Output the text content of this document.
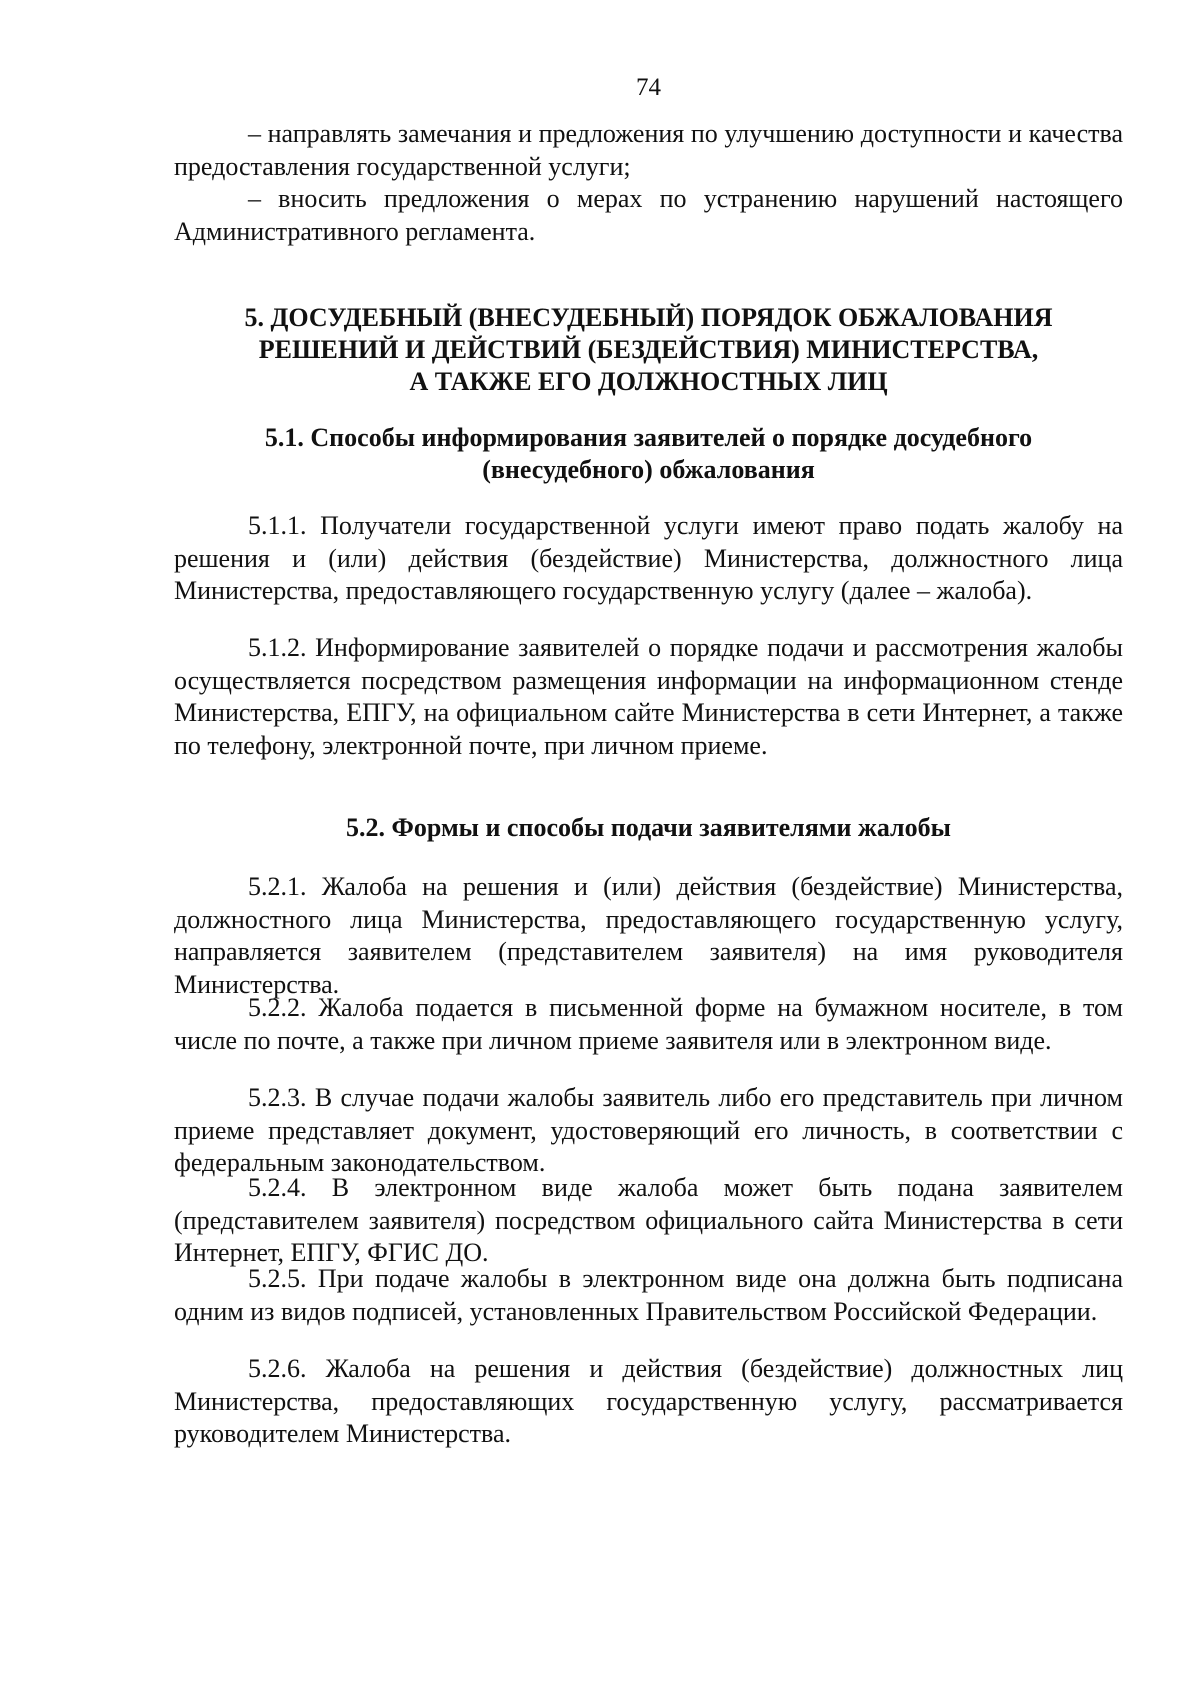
74

– направлять замечания и предложения по улучшению доступности и качества предоставления государственной услуги;

– вносить предложения о мерах по устранению нарушений настоящего Административного регламента.

5. ДОСУДЕБНЫЙ (ВНЕСУДЕБНЫЙ) ПОРЯДОК ОБЖАЛОВАНИЯ
РЕШЕНИЙ И ДЕЙСТВИЙ (БЕЗДЕЙСТВИЯ) МИНИСТЕРСТВА,
А ТАКЖЕ ЕГО ДОЛЖНОСТНЫХ ЛИЦ
5.1. Способы информирования заявителей о порядке досудебного
(внесудебного) обжалования

5.1.1. Получатели государственной услуги имеют право подать жалобу на решения и (или) действия (бездействие) Министерства, должностного лица Министерства, предоставляющего государственную услугу (далее – жалоба).

5.1.2. Информирование заявителей о порядке подачи и рассмотрения жалобы осуществляется посредством размещения информации на информационном стенде Министерства, ЕПГУ, на официальном сайте Министерства в сети Интернет, а также по телефону, электронной почте, при личном приеме.

5.2. Формы и способы подачи заявителями жалобы

5.2.1. Жалоба на решения и (или) действия (бездействие) Министерства, должностного лица Министерства, предоставляющего государственную услугу, направляется заявителем (представителем заявителя) на имя руководителя Министерства.

5.2.2. Жалоба подается в письменной форме на бумажном носителе, в том числе по почте, а также при личном приеме заявителя или в электронном виде.

5.2.3. В случае подачи жалобы заявитель либо его представитель при личном приеме представляет документ, удостоверяющий его личность, в соответствии с федеральным законодательством.

5.2.4. В электронном виде жалоба может быть подана заявителем (представителем заявителя) посредством официального сайта Министерства в сети Интернет, ЕПГУ, ФГИС ДО.

5.2.5. При подаче жалобы в электронном виде она должна быть подписана одним из видов подписей, установленных Правительством Российской Федерации.

5.2.6. Жалоба на решения и действия (бездействие) должностных лиц Министерства, предоставляющих государственную услугу, рассматривается руководителем Министерства.
